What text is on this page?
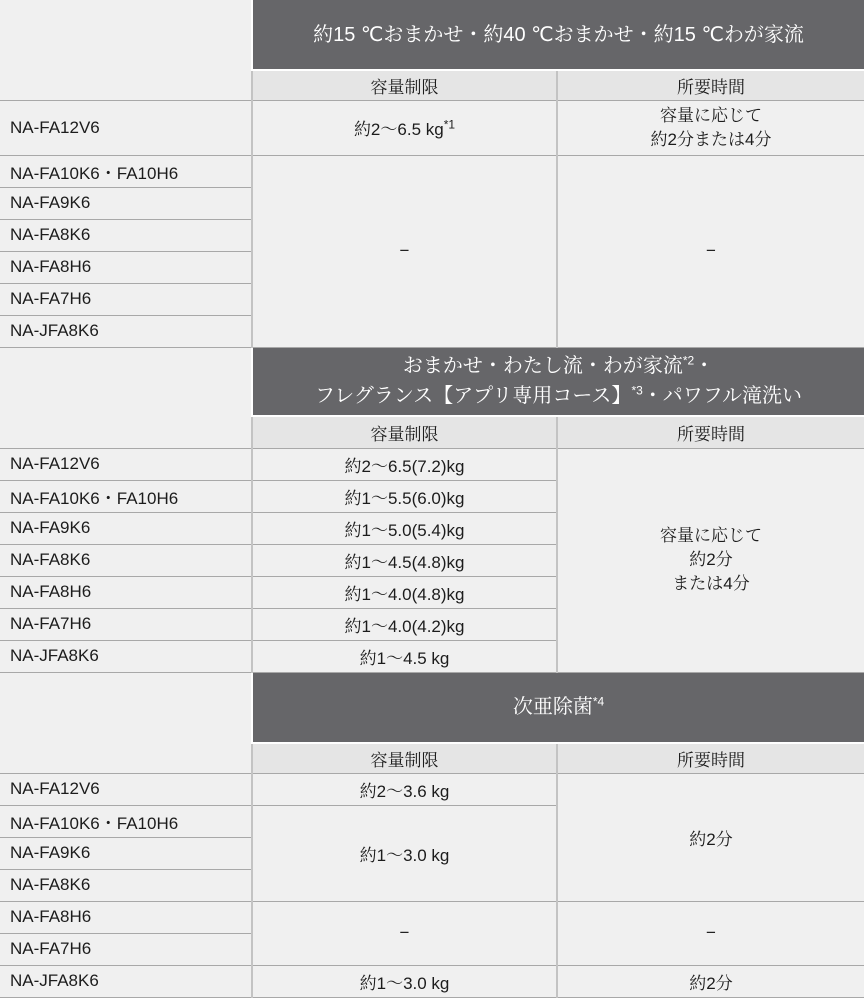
	約15 ℃おまかせ・約40 ℃おまかせ・約15 ℃わが家流	
	容量制限	所要時間
NA-FA12V6	約2～6.5 $kg^{*1}$	容量に応じて
約2分または4分

NA-FA10K6・FA10H6	−	−
NA-FA9K6		
NA-FA8K6		
NA-FA8H6		
NA-FA7H6		
NA-JFA8K6		

	おまかせ・わたし流・わが家流$^{*2}$・
フレグランス【アプリ専用コース】$^{*3}$・パワフル滝洗い	

	容量制限	所要時間
NA-FA12V6	約2～6.5(7.2)kg	容量に応じて
約2分
または4分

NA-FA10K6・FA10H6	約1～5.5(6.0)kg	
NA-FA9K6	約1～5.0(5.4)kg	
NA-FA8K6	約1～4.5(4.8)kg	
NA-FA8H6	約1～4.0(4.8)kg	
NA-FA7H6	約1～4.0(4.2)kg	
NA-JFA8K6	約1～4.5 kg	
	次亜除菌$^{*4}$
	容量制限	所要時間
NA-FA12V6	約2～3.6 kg	約2分
NA-FA10K6・FA10H6	約1～3.0 kg	
NA-FA9K6		
NA-FA8K6		
NA-FA8H6	−	−
NA-FA7H6		
NA-JFA8K6	約1～3.0 kg	約2分
